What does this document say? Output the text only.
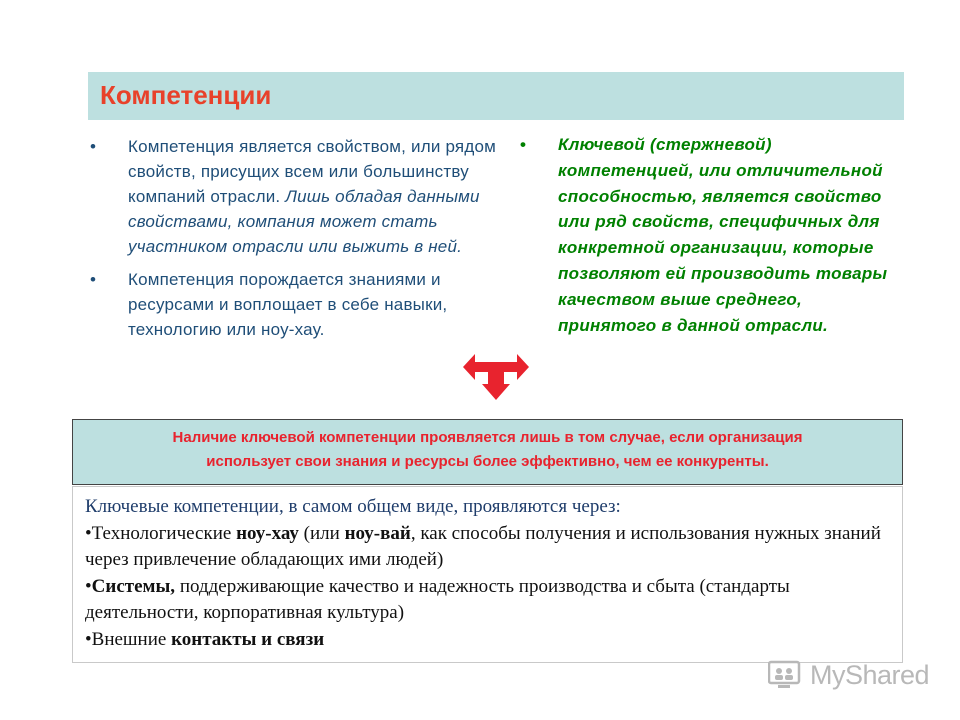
Компетенции
•	Компетенция является свойством, или рядом свойств, присущих всем или большинству компаний отрасли. Лишь обладая данными свойствами, компания может стать участником отрасли или выжить в ней.
•	Компетенция порождается знаниями и ресурсами и воплощает в себе навыки, технологию или ноу-хау.
•	Ключевой (стержневой) компетенцией, или отличительной способностью, является свойство или ряд свойств, специфичных для конкретной организации, которые позволяют ей производить товары качеством выше среднего, принятого в данной отрасли.
Наличие ключевой компетенции проявляется лишь в том случае, если организация
использует свои знания и ресурсы более эффективно, чем ее конкуренты.
Ключевые компетенции, в самом общем виде, проявляются через:
•Технологические ноу-хау (или ноу-вай, как способы получения и использования нужных знаний через привлечение обладающих ими людей)
•Системы, поддерживающие качество и надежность производства и сбыта (стандарты деятельности, корпоративная культура)
•Внешние контакты и связи
MyShared
